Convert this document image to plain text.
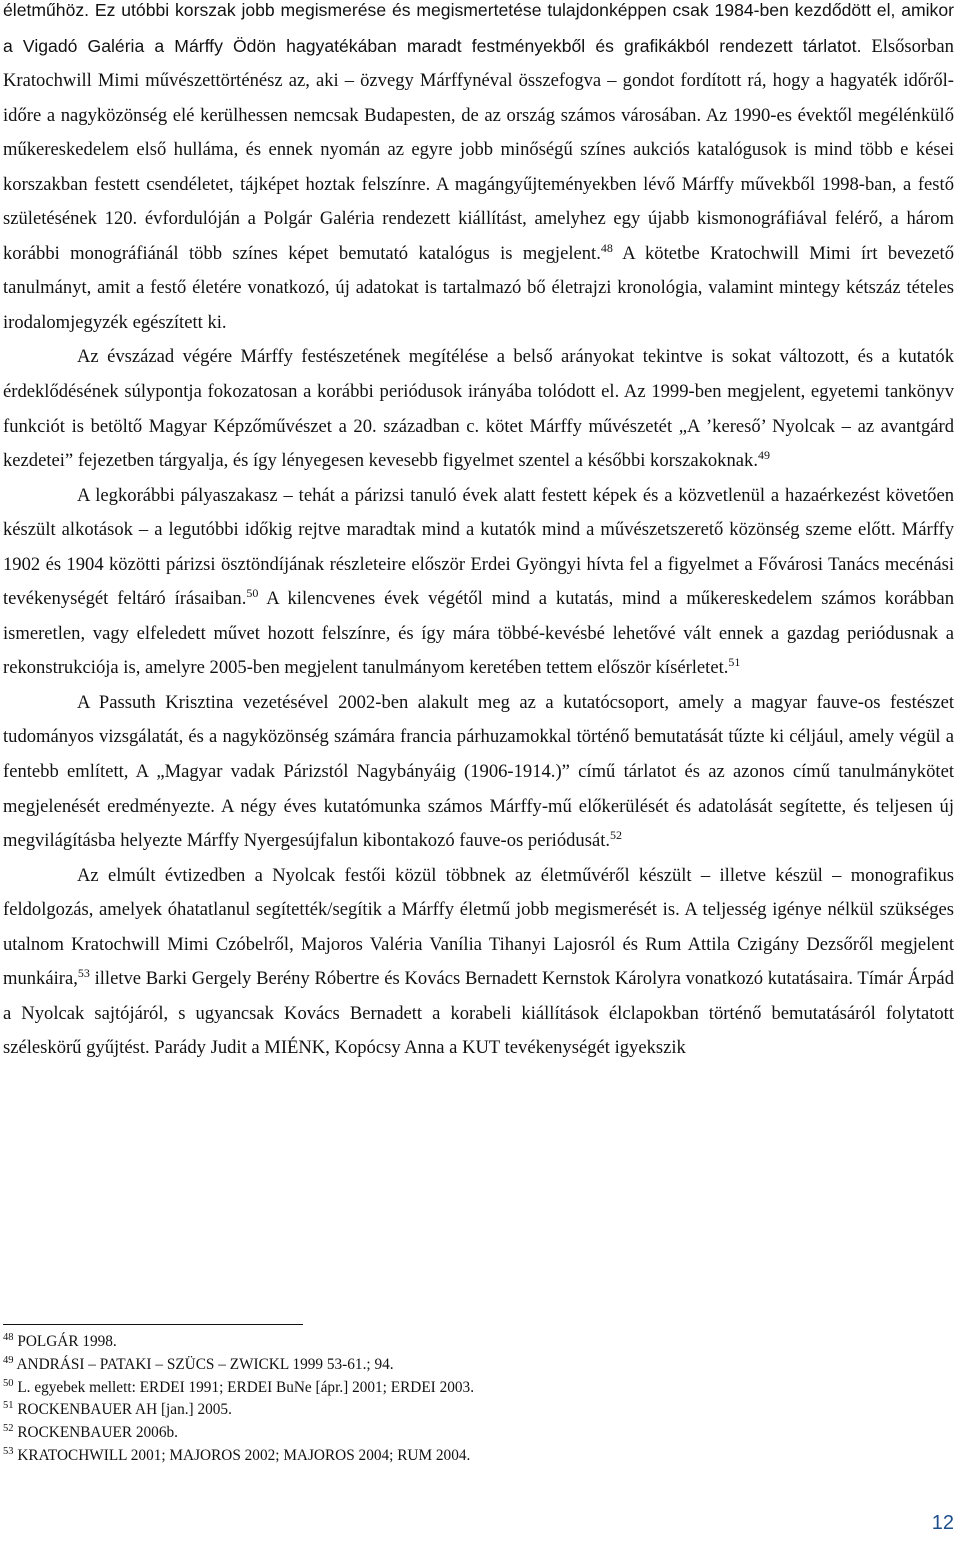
életműhöz. Ez utóbbi korszak jobb megismerése és megismertetése tulajdonképpen csak 1984-ben kezdődött el, amikor a Vigadó Galéria a Márffy Ödön hagyatékában maradt festményekből és grafikákból rendezett tárlatot. Elsősorban Kratochwill Mimi művészettörténész az, aki – özvegy Márffynéval összefogva – gondot fordított rá, hogy a hagyaték időről-időre a nagyközönség elé kerülhessen nemcsak Budapesten, de az ország számos városában. Az 1990-es évektől megélénkülő műkereskedelem első hulláma, és ennek nyomán az egyre jobb minőségű színes aukciós katalógusok is mind több e kései korszakban festett csendéletet, tájképet hoztak felszínre. A magángyűjteményekben lévő Márffy művekből 1998-ban, a festő születésének 120. évfordulóján a Polgár Galéria rendezett kiállítást, amelyhez egy újabb kismonográfiával felérő, a három korábbi monográfiánál több színes képet bemutató katalógus is megjelent.$^{48}$ A kötetbe Kratochwill Mimi írt bevezető tanulmányt, amit a festő életére vonatkozó, új adatokat is tartalmazó bő életrajzi kronológia, valamint mintegy kétszáz tételes irodalomjegyzék egészített ki.

Az évszázad végére Márffy festészetének megítélése a belső arányokat tekintve is sokat változott, és a kutatók érdeklődésének súlypontja fokozatosan a korábbi periódusok irányába tolódott el. Az 1999-ben megjelent, egyetemi tankönyv funkciót is betöltő Magyar Képzőművészet a 20. században c. kötet Márffy művészetét „A ’kereső’ Nyolcak – az avantgárd kezdetei” fejezetben tárgyalja, és így lényegesen kevesebb figyelmet szentel a későbbi korszakoknak.$^{49}$

A legkorábbi pályaszakasz – tehát a párizsi tanuló évek alatt festett képek és a közvetlenül a hazaérkezést követően készült alkotások – a legutóbbi időkig rejtve maradtak mind a kutatók mind a művészetszerető közönség szeme előtt. Márffy 1902 és 1904 közötti párizsi ösztöndíjának részleteire először Erdei Gyöngyi hívta fel a figyelmet a Fővárosi Tanács mecénási tevékenységét feltáró írásaiban.$^{50}$ A kilencvenes évek végétől mind a kutatás, mind a műkereskedelem számos korábban ismeretlen, vagy elfeledett művet hozott felszínre, és így mára többé-kevésbé lehetővé vált ennek a gazdag periódusnak a rekonstrukciója is, amelyre 2005-ben megjelent tanulmányom keretében tettem először kísérletet.$^{51}$

A Passuth Krisztina vezetésével 2002-ben alakult meg az a kutatócsoport, amely a magyar fauve-os festészet tudományos vizsgálatát, és a nagyközönség számára francia párhuzamokkal történő bemutatását tűzte ki céljául, amely végül a fentebb említett, A „Magyar vadak Párizstól Nagybányáig (1906-1914.)” című tárlatot és az azonos című tanulmánykötet megjelenését eredményezte. A négy éves kutatómunka számos Márffy-mű előkerülését és adatolását segítette, és teljesen új megvilágításba helyezte Márffy Nyergesújfalun kibontakozó fauve-os periódusát.$^{52}$

Az elmúlt évtizedben a Nyolcak festői közül többnek az életművéről készült – illetve készül – monografikus feldolgozás, amelyek óhatatlanul segítették/segítik a Márffy életmű jobb megismerését is. A teljesség igénye nélkül szükséges utalnom Kratochwill Mimi Czóbelről, Majoros Valéria Vanília Tihanyi Lajosról és Rum Attila Czigány Dezsőről megjelent munkáira,$^{53}$ illetve Barki Gergely Berény Róbertre és Kovács Bernadett Kernstok Károlyra vonatkozó kutatásaira. Tímár Árpád a Nyolcak sajtójáról, s ugyancsak Kovács Bernadett a korabeli kiállítások élclapokban történő bemutatásáról folytatott széleskörű gyűjtést. Parády Judit a MIÉNK, Kopócsy Anna a KUT tevékenységét igyekszik

$^{48}$ POLGÁR 1998.
$^{49}$ ANDRÁSI – PATAKI – SZÜCS – ZWICKL 1999 53-61.; 94.
$^{50}$ L. egyebek mellett: ERDEI 1991; ERDEI BuNe [ápr.] 2001; ERDEI 2003.
$^{51}$ ROCKENBAUER AH [jan.] 2005.
$^{52}$ ROCKENBAUER 2006b.
$^{53}$ KRATOCHWILL 2001; MAJOROS 2002; MAJOROS 2004; RUM 2004.
12
